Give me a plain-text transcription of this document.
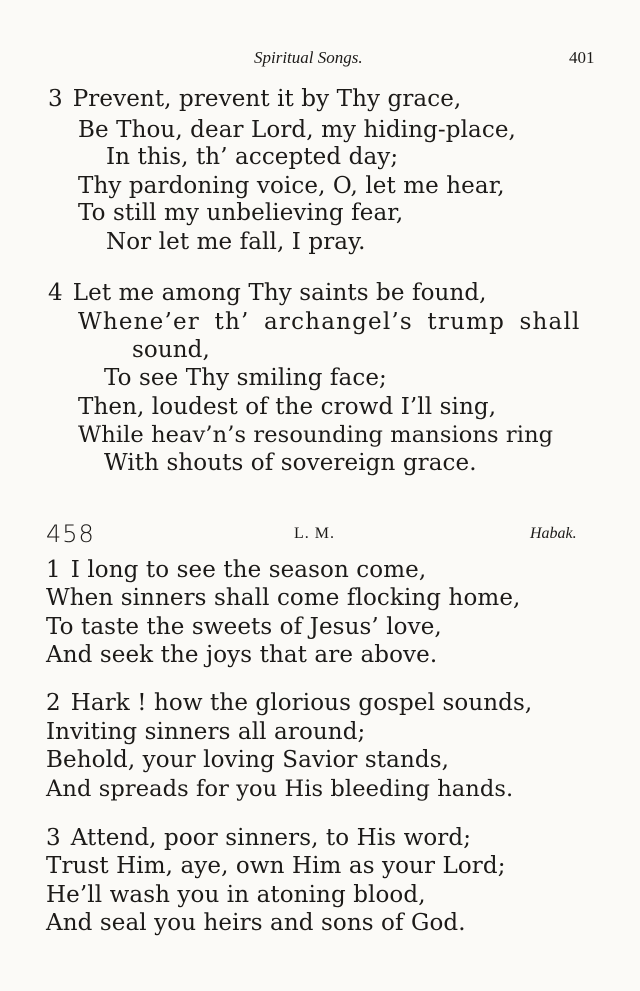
Spiritual Songs.	401
3 Prevent, prevent it by Thy grace,
Be Thou, dear Lord, my hiding-place,
In this, th’ accepted day;
Thy pardoning voice, O, let me hear,
To still my unbelieving fear,
Nor let me fall, I pray.
4 Let me among Thy saints be found,
Whene’er th’ archangel’s trump shall
sound,
To see Thy smiling face;
Then, loudest of the crowd I’ll sing,
While heav’n’s resounding mansions ring
With shouts of sovereign grace.
458	L. M.	Habak.
1 I long to see the season come,
When sinners shall come flocking home,
To taste the sweets of Jesus’ love,
And seek the joys that are above.
2 Hark ! how the glorious gospel sounds,
Inviting sinners all around;
Behold, your loving Savior stands,
And spreads for you His bleeding hands.
3 Attend, poor sinners, to His word;
Trust Him, aye, own Him as your Lord;
He’ll wash you in atoning blood,
And seal you heirs and sons of God.
